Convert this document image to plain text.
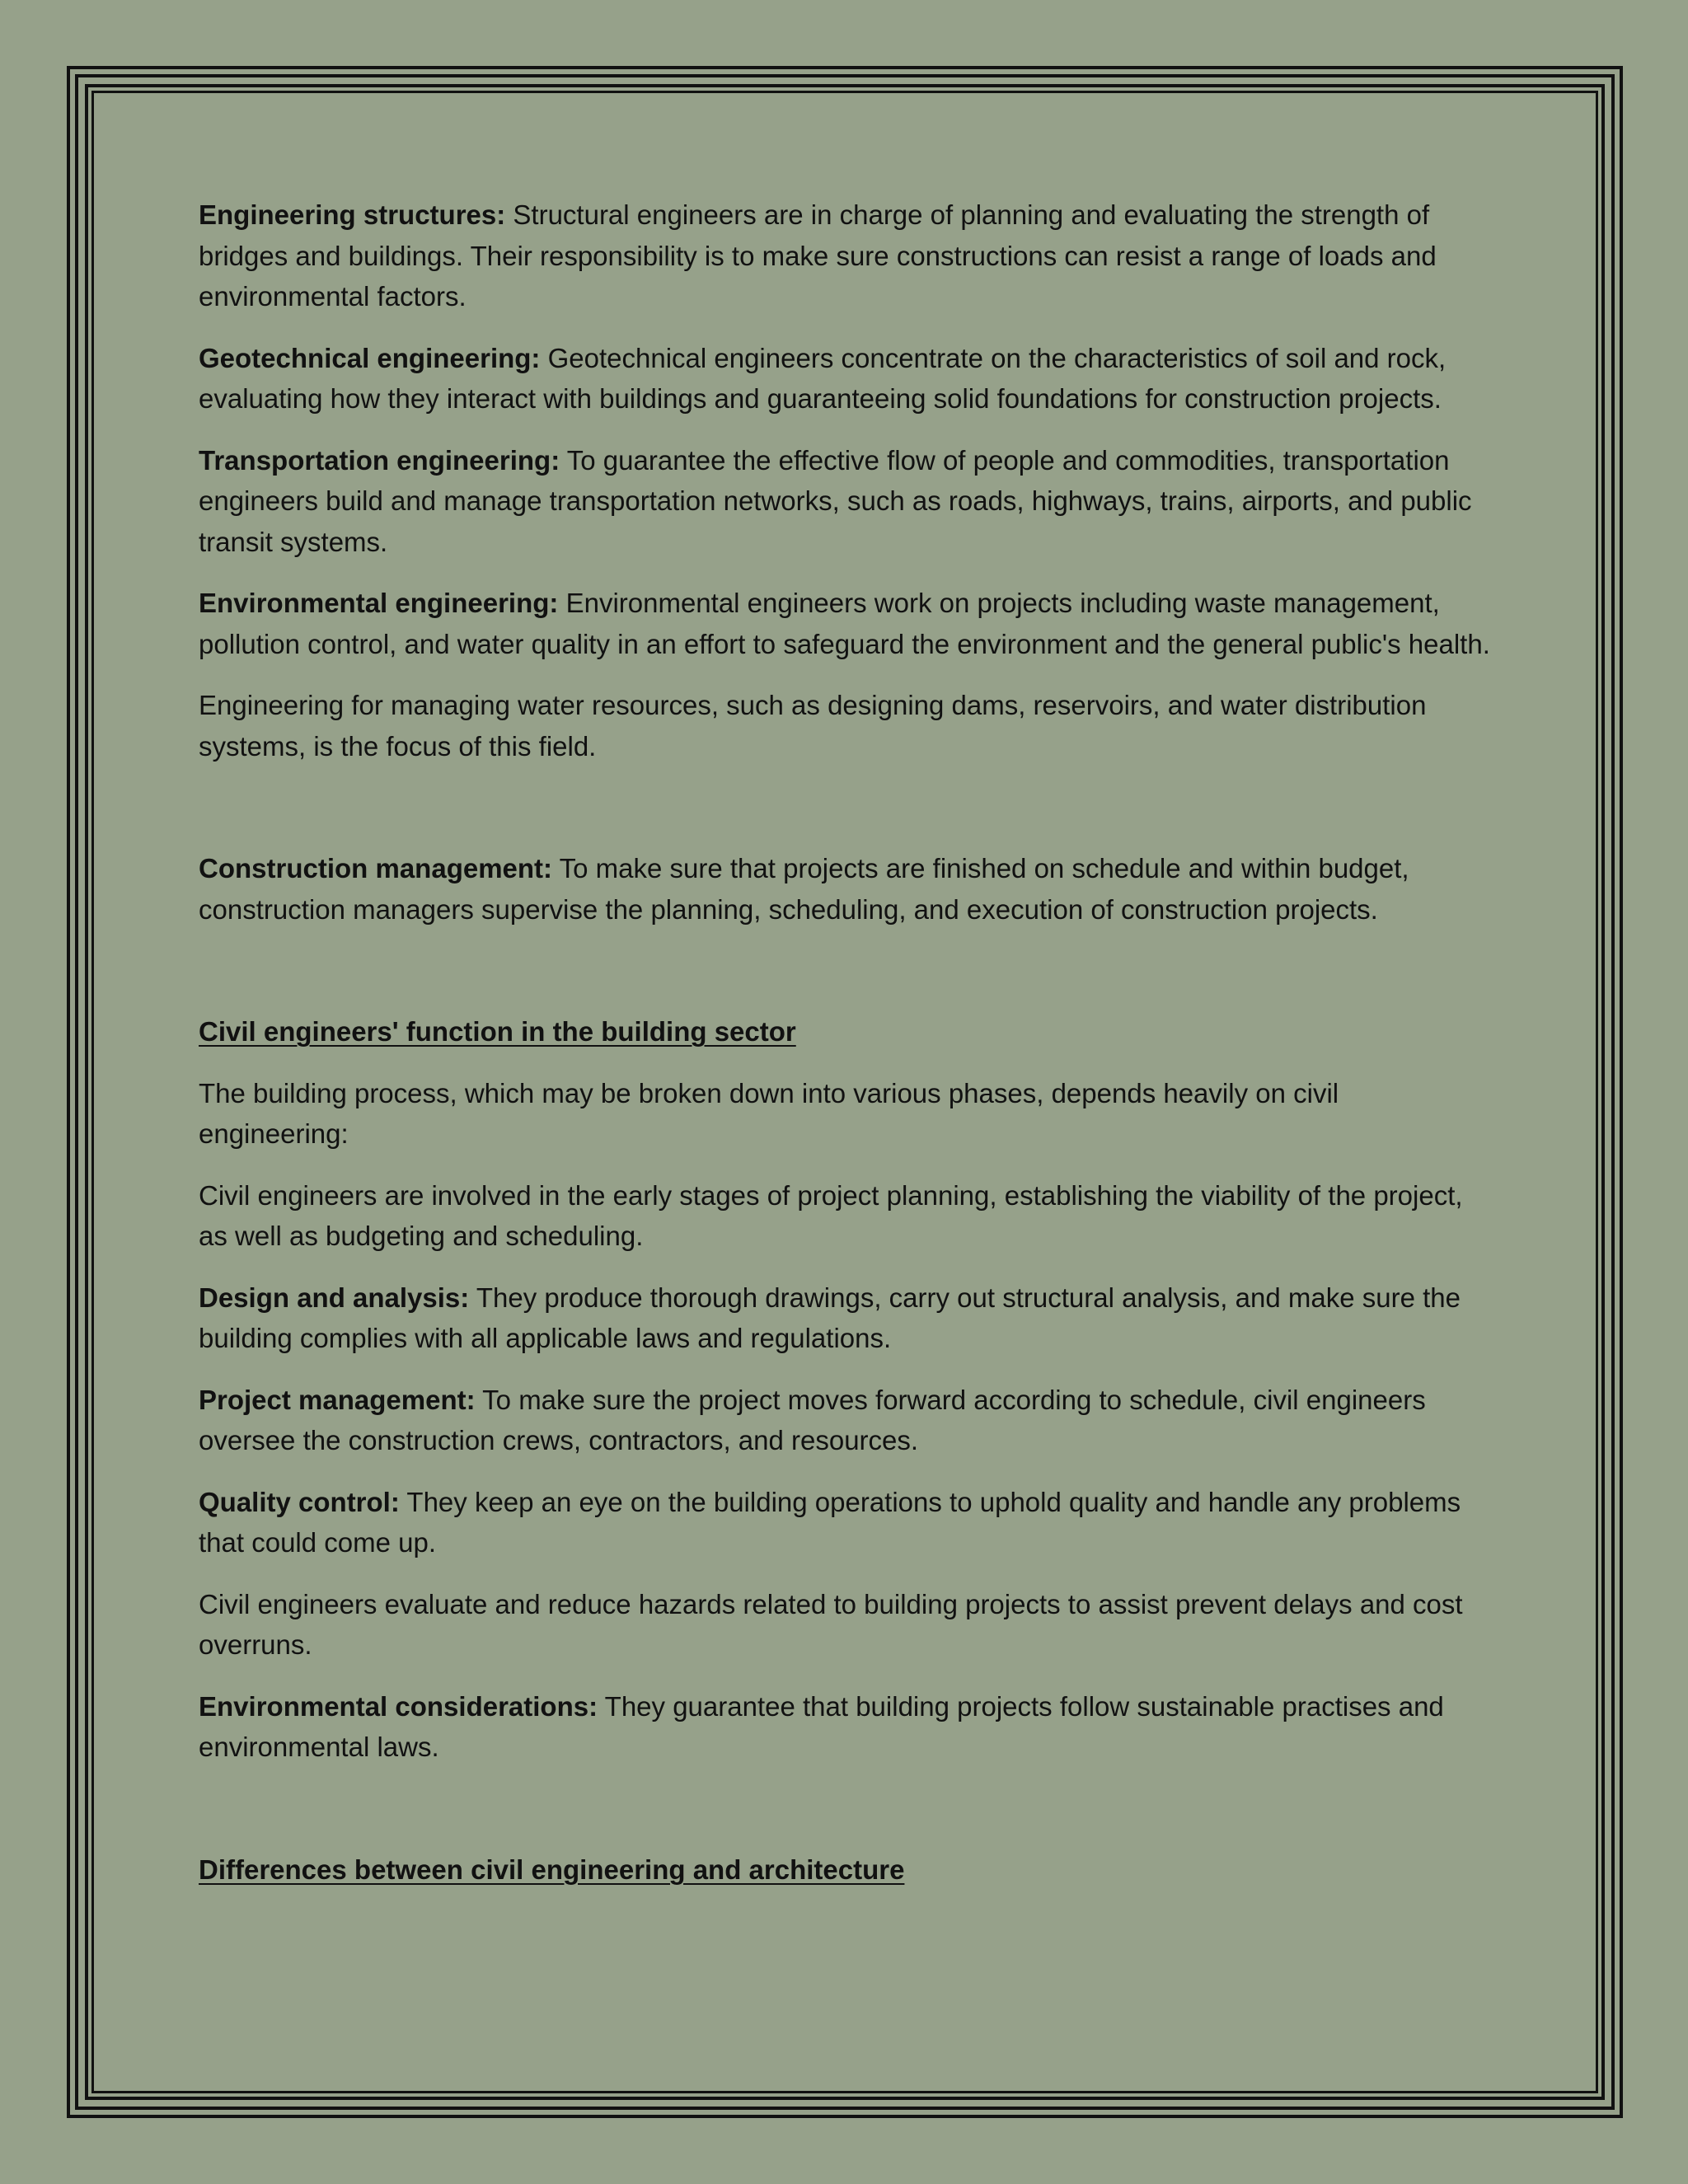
Engineering structures: Structural engineers are in charge of planning and evaluating the strength of bridges and buildings. Their responsibility is to make sure constructions can resist a range of loads and environmental factors.

Geotechnical engineering: Geotechnical engineers concentrate on the characteristics of soil and rock, evaluating how they interact with buildings and guaranteeing solid foundations for construction projects.

Transportation engineering: To guarantee the effective flow of people and commodities, transportation engineers build and manage transportation networks, such as roads, highways, trains, airports, and public transit systems.

Environmental engineering: Environmental engineers work on projects including waste management, pollution control, and water quality in an effort to safeguard the environment and the general public's health.

Engineering for managing water resources, such as designing dams, reservoirs, and water distribution systems, is the focus of this field.

Construction management: To make sure that projects are finished on schedule and within budget, construction managers supervise the planning, scheduling, and execution of construction projects.

Civil engineers' function in the building sector

The building process, which may be broken down into various phases, depends heavily on civil engineering:

Civil engineers are involved in the early stages of project planning, establishing the viability of the project, as well as budgeting and scheduling.

Design and analysis: They produce thorough drawings, carry out structural analysis, and make sure the building complies with all applicable laws and regulations.

Project management: To make sure the project moves forward according to schedule, civil engineers oversee the construction crews, contractors, and resources.

Quality control: They keep an eye on the building operations to uphold quality and handle any problems that could come up.

Civil engineers evaluate and reduce hazards related to building projects to assist prevent delays and cost overruns.

Environmental considerations: They guarantee that building projects follow sustainable practises and environmental laws.

Differences between civil engineering and architecture
